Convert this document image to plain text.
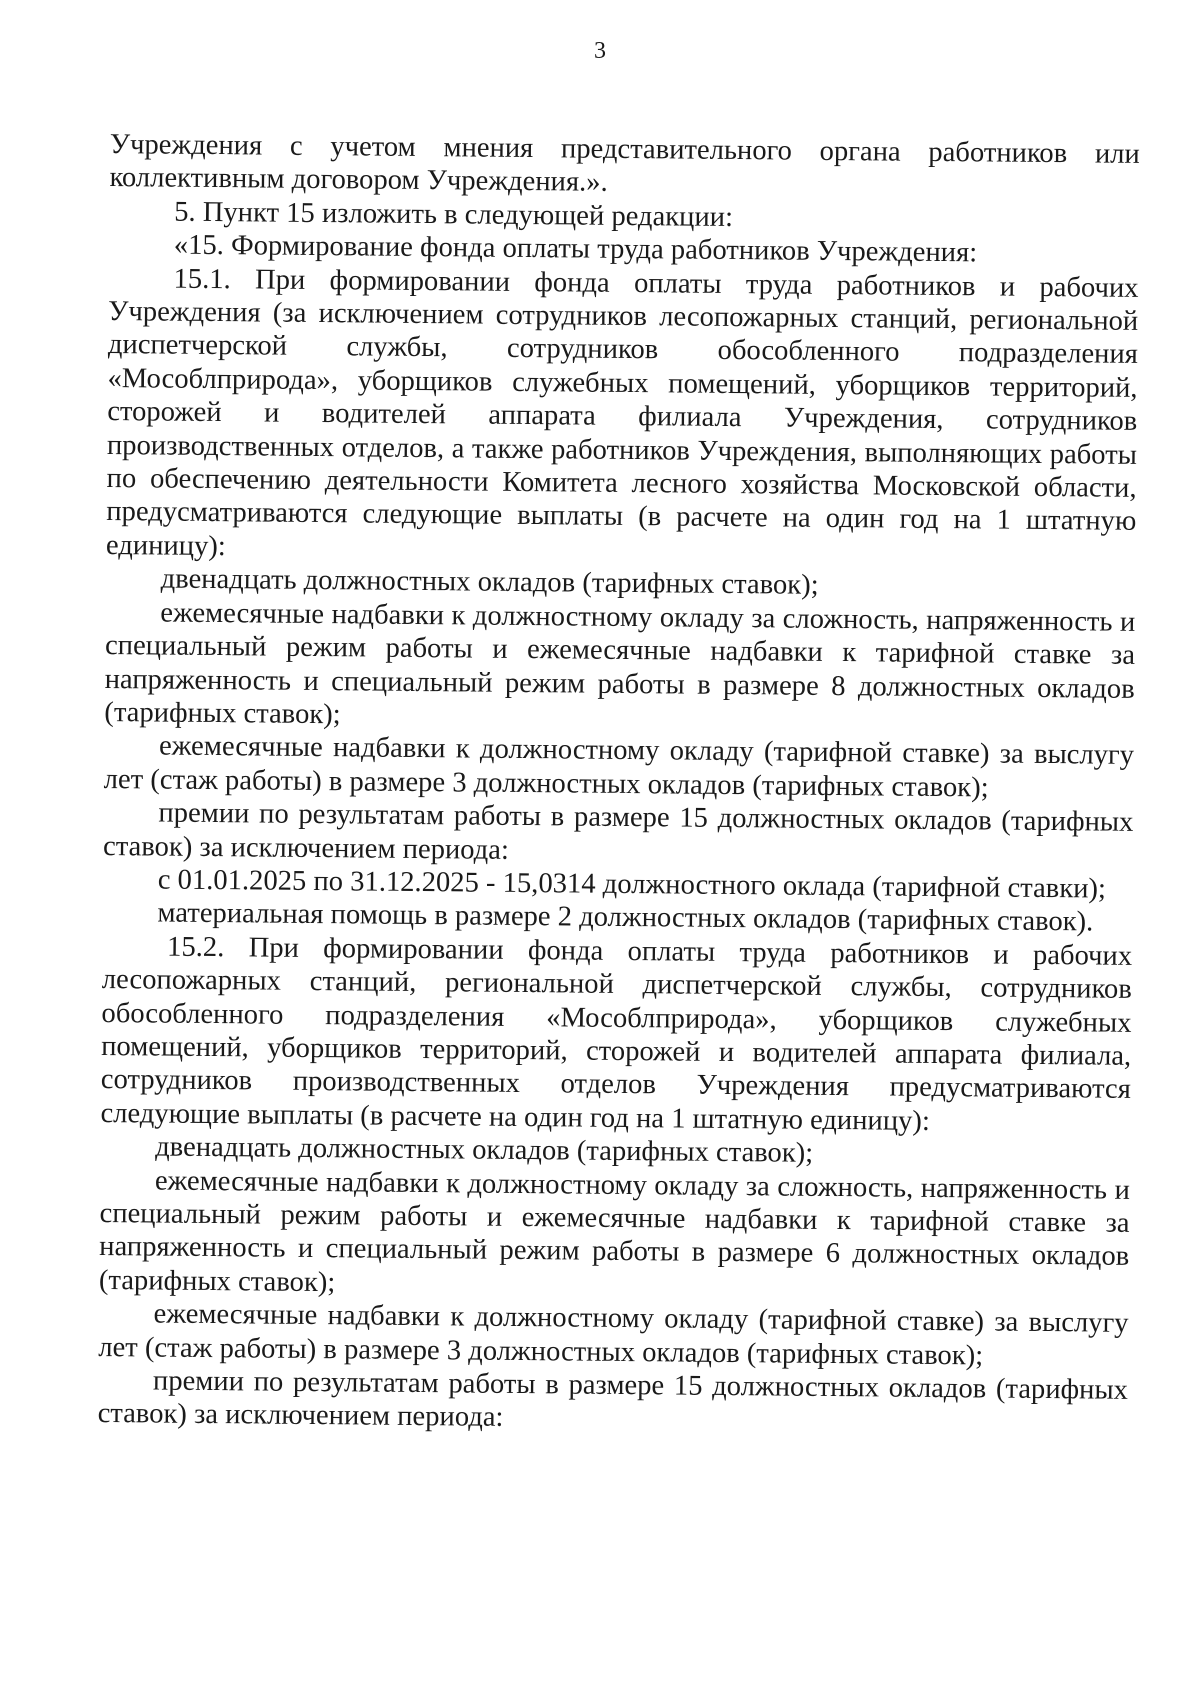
3

Учреждения с учетом мнения представительного органа работников или коллективным договором Учреждения.».

5. Пункт 15 изложить в следующей редакции:

«15. Формирование фонда оплаты труда работников Учреждения:

15.1. При формировании фонда оплаты труда работников и рабочих Учреждения (за исключением сотрудников лесопожарных станций, региональной диспетчерской службы, сотрудников обособленного подразделения «Мособлприрода», уборщиков служебных помещений, уборщиков территорий, сторожей и водителей аппарата филиала Учреждения, сотрудников производственных отделов, а также работников Учреждения, выполняющих работы по обеспечению деятельности Комитета лесного хозяйства Московской области, предусматриваются следующие выплаты (в расчете на один год на 1 штатную единицу):

двенадцать должностных окладов (тарифных ставок);

ежемесячные надбавки к должностному окладу за сложность, напряженность и специальный режим работы и ежемесячные надбавки к тарифной ставке за напряженность и специальный режим работы в размере 8 должностных окладов (тарифных ставок);

ежемесячные надбавки к должностному окладу (тарифной ставке) за выслугу лет (стаж работы) в размере 3 должностных окладов (тарифных ставок);

премии по результатам работы в размере 15 должностных окладов (тарифных ставок) за исключением периода:

с 01.01.2025 по 31.12.2025 - 15,0314 должностного оклада (тарифной ставки);

материальная помощь в размере 2 должностных окладов (тарифных ставок).

15.2. При формировании фонда оплаты труда работников и рабочих лесопожарных станций, региональной диспетчерской службы, сотрудников обособленного подразделения «Мособлприрода», уборщиков служебных помещений, уборщиков территорий, сторожей и водителей аппарата филиала, сотрудников производственных отделов Учреждения предусматриваются следующие выплаты (в расчете на один год на 1 штатную единицу):

двенадцать должностных окладов (тарифных ставок);

ежемесячные надбавки к должностному окладу за сложность, напряженность и специальный режим работы и ежемесячные надбавки к тарифной ставке за напряженность и специальный режим работы в размере 6 должностных окладов (тарифных ставок);

ежемесячные надбавки к должностному окладу (тарифной ставке) за выслугу лет (стаж работы) в размере 3 должностных окладов (тарифных ставок);

премии по результатам работы в размере 15 должностных окладов (тарифных ставок) за исключением периода:
